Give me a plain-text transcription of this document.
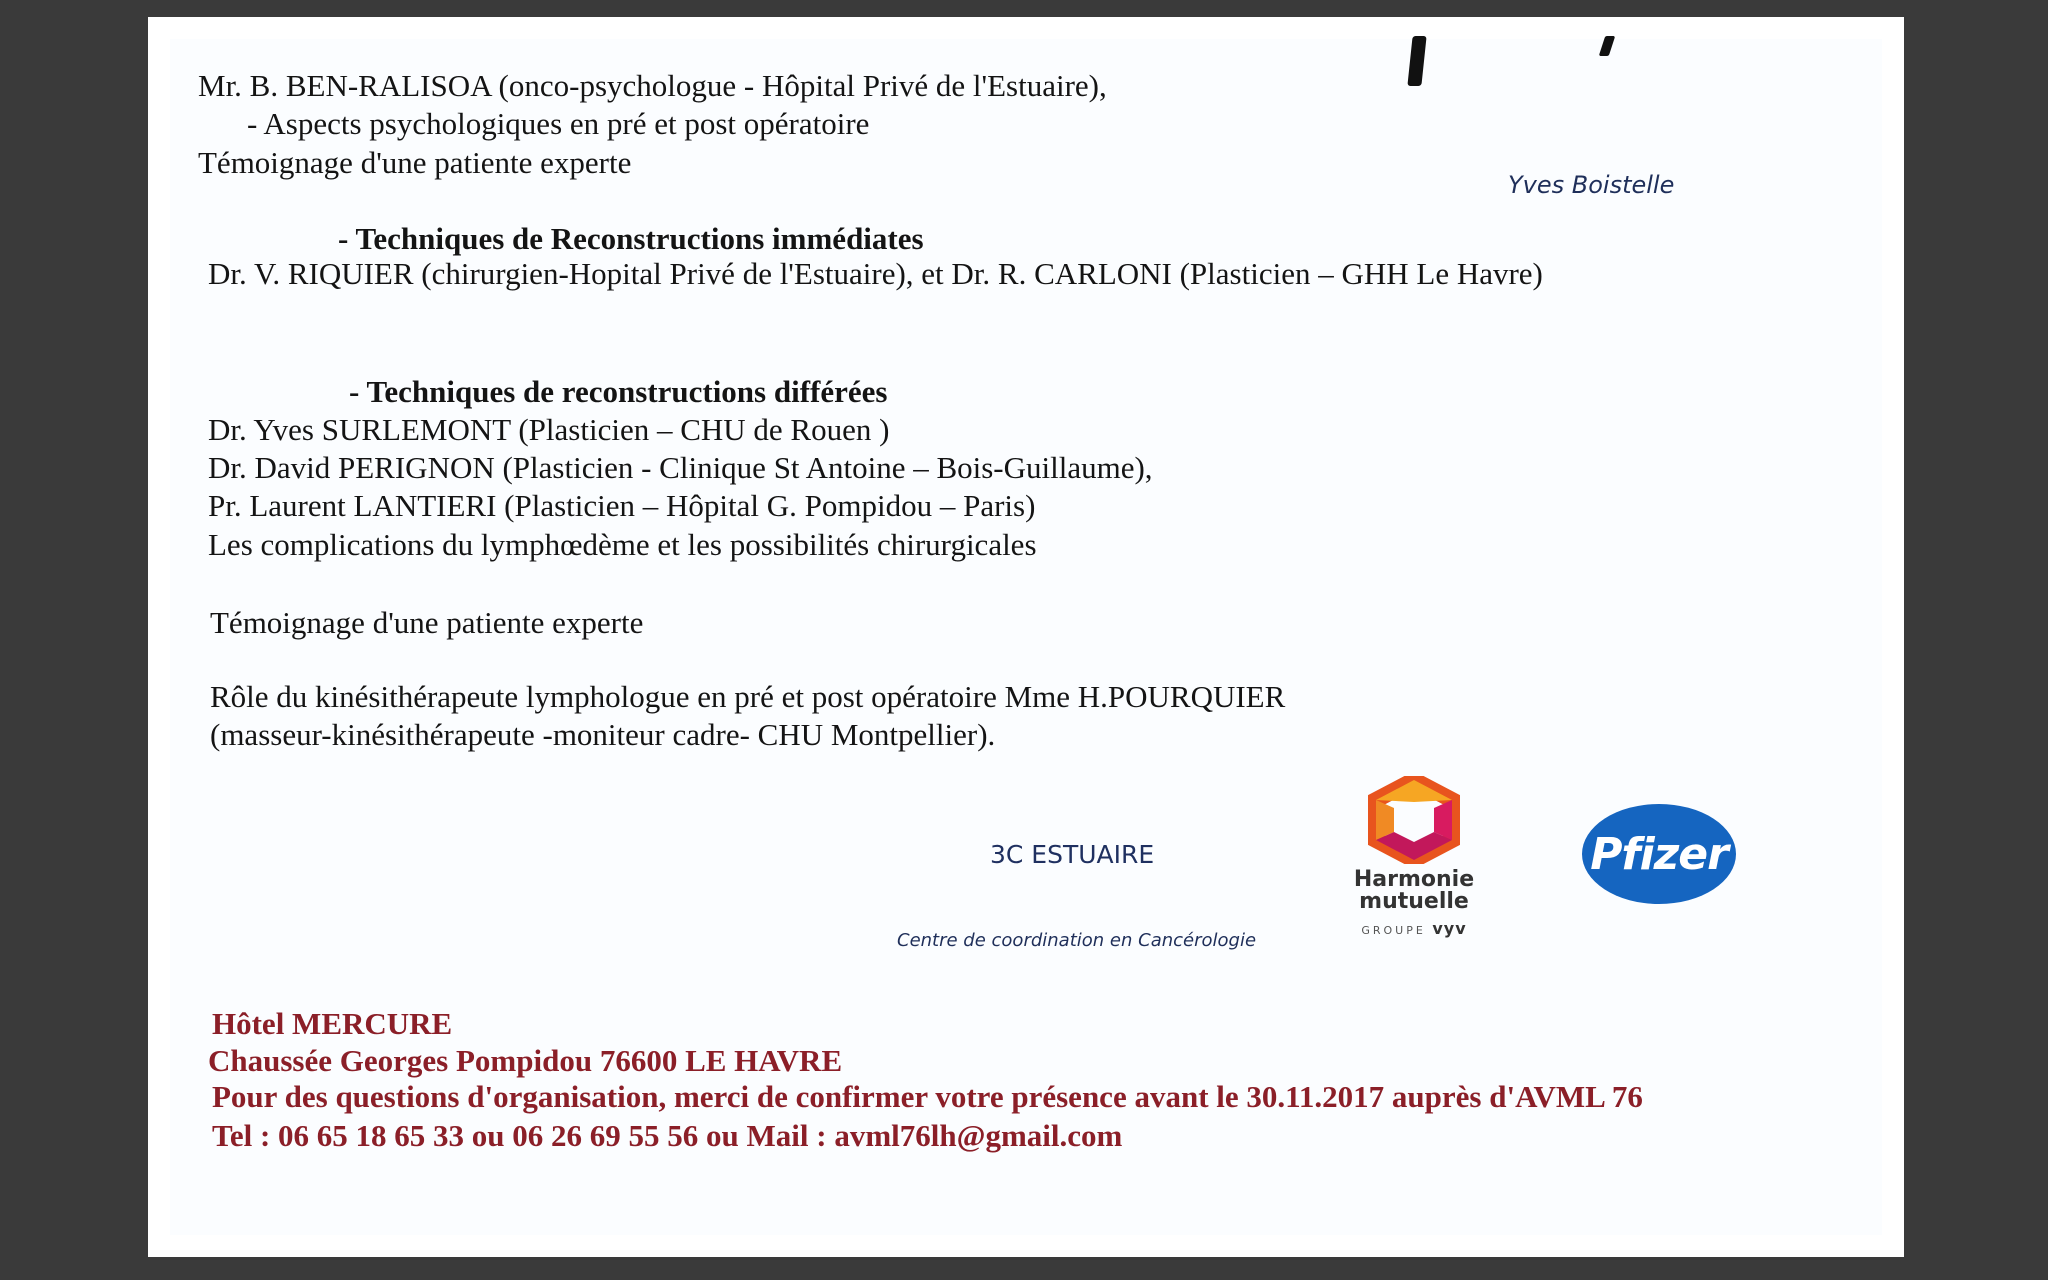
Mr. B. BEN-RALISOA (onco-psychologue - Hôpital Privé de l'Estuaire),
- Aspects psychologiques en pré et post opératoire
Témoignage d'une patiente experte
Yves Boistelle
- Techniques de Reconstructions immédiates
Dr. V. RIQUIER (chirurgien-Hopital Privé de l'Estuaire), et Dr. R. CARLONI (Plasticien – GHH Le Havre)
- Techniques de reconstructions différées
Dr. Yves SURLEMONT (Plasticien – CHU de Rouen )
Dr. David PERIGNON (Plasticien - Clinique St Antoine – Bois-Guillaume),
Pr. Laurent LANTIERI (Plasticien – Hôpital G. Pompidou – Paris)
Les complications du lymphœdème et les possibilités chirurgicales
Témoignage d'une patiente experte
Rôle du kinésithérapeute lymphologue en pré et post opératoire Mme H.POURQUIER
(masseur-kinésithérapeute -moniteur cadre- CHU Montpellier).
3C ESTUAIRE
Centre de coordination en Cancérologie
Harmonie
mutuelle
GROUPE vyv
Pfizer
Hôtel MERCURE
Chaussée Georges Pompidou 76600 LE HAVRE
Pour des questions d'organisation, merci de confirmer votre présence avant le 30.11.2017 auprès d'AVML 76
Tel : 06 65 18 65 33 ou 06 26 69 55 56 ou Mail : avml76lh@gmail.com
